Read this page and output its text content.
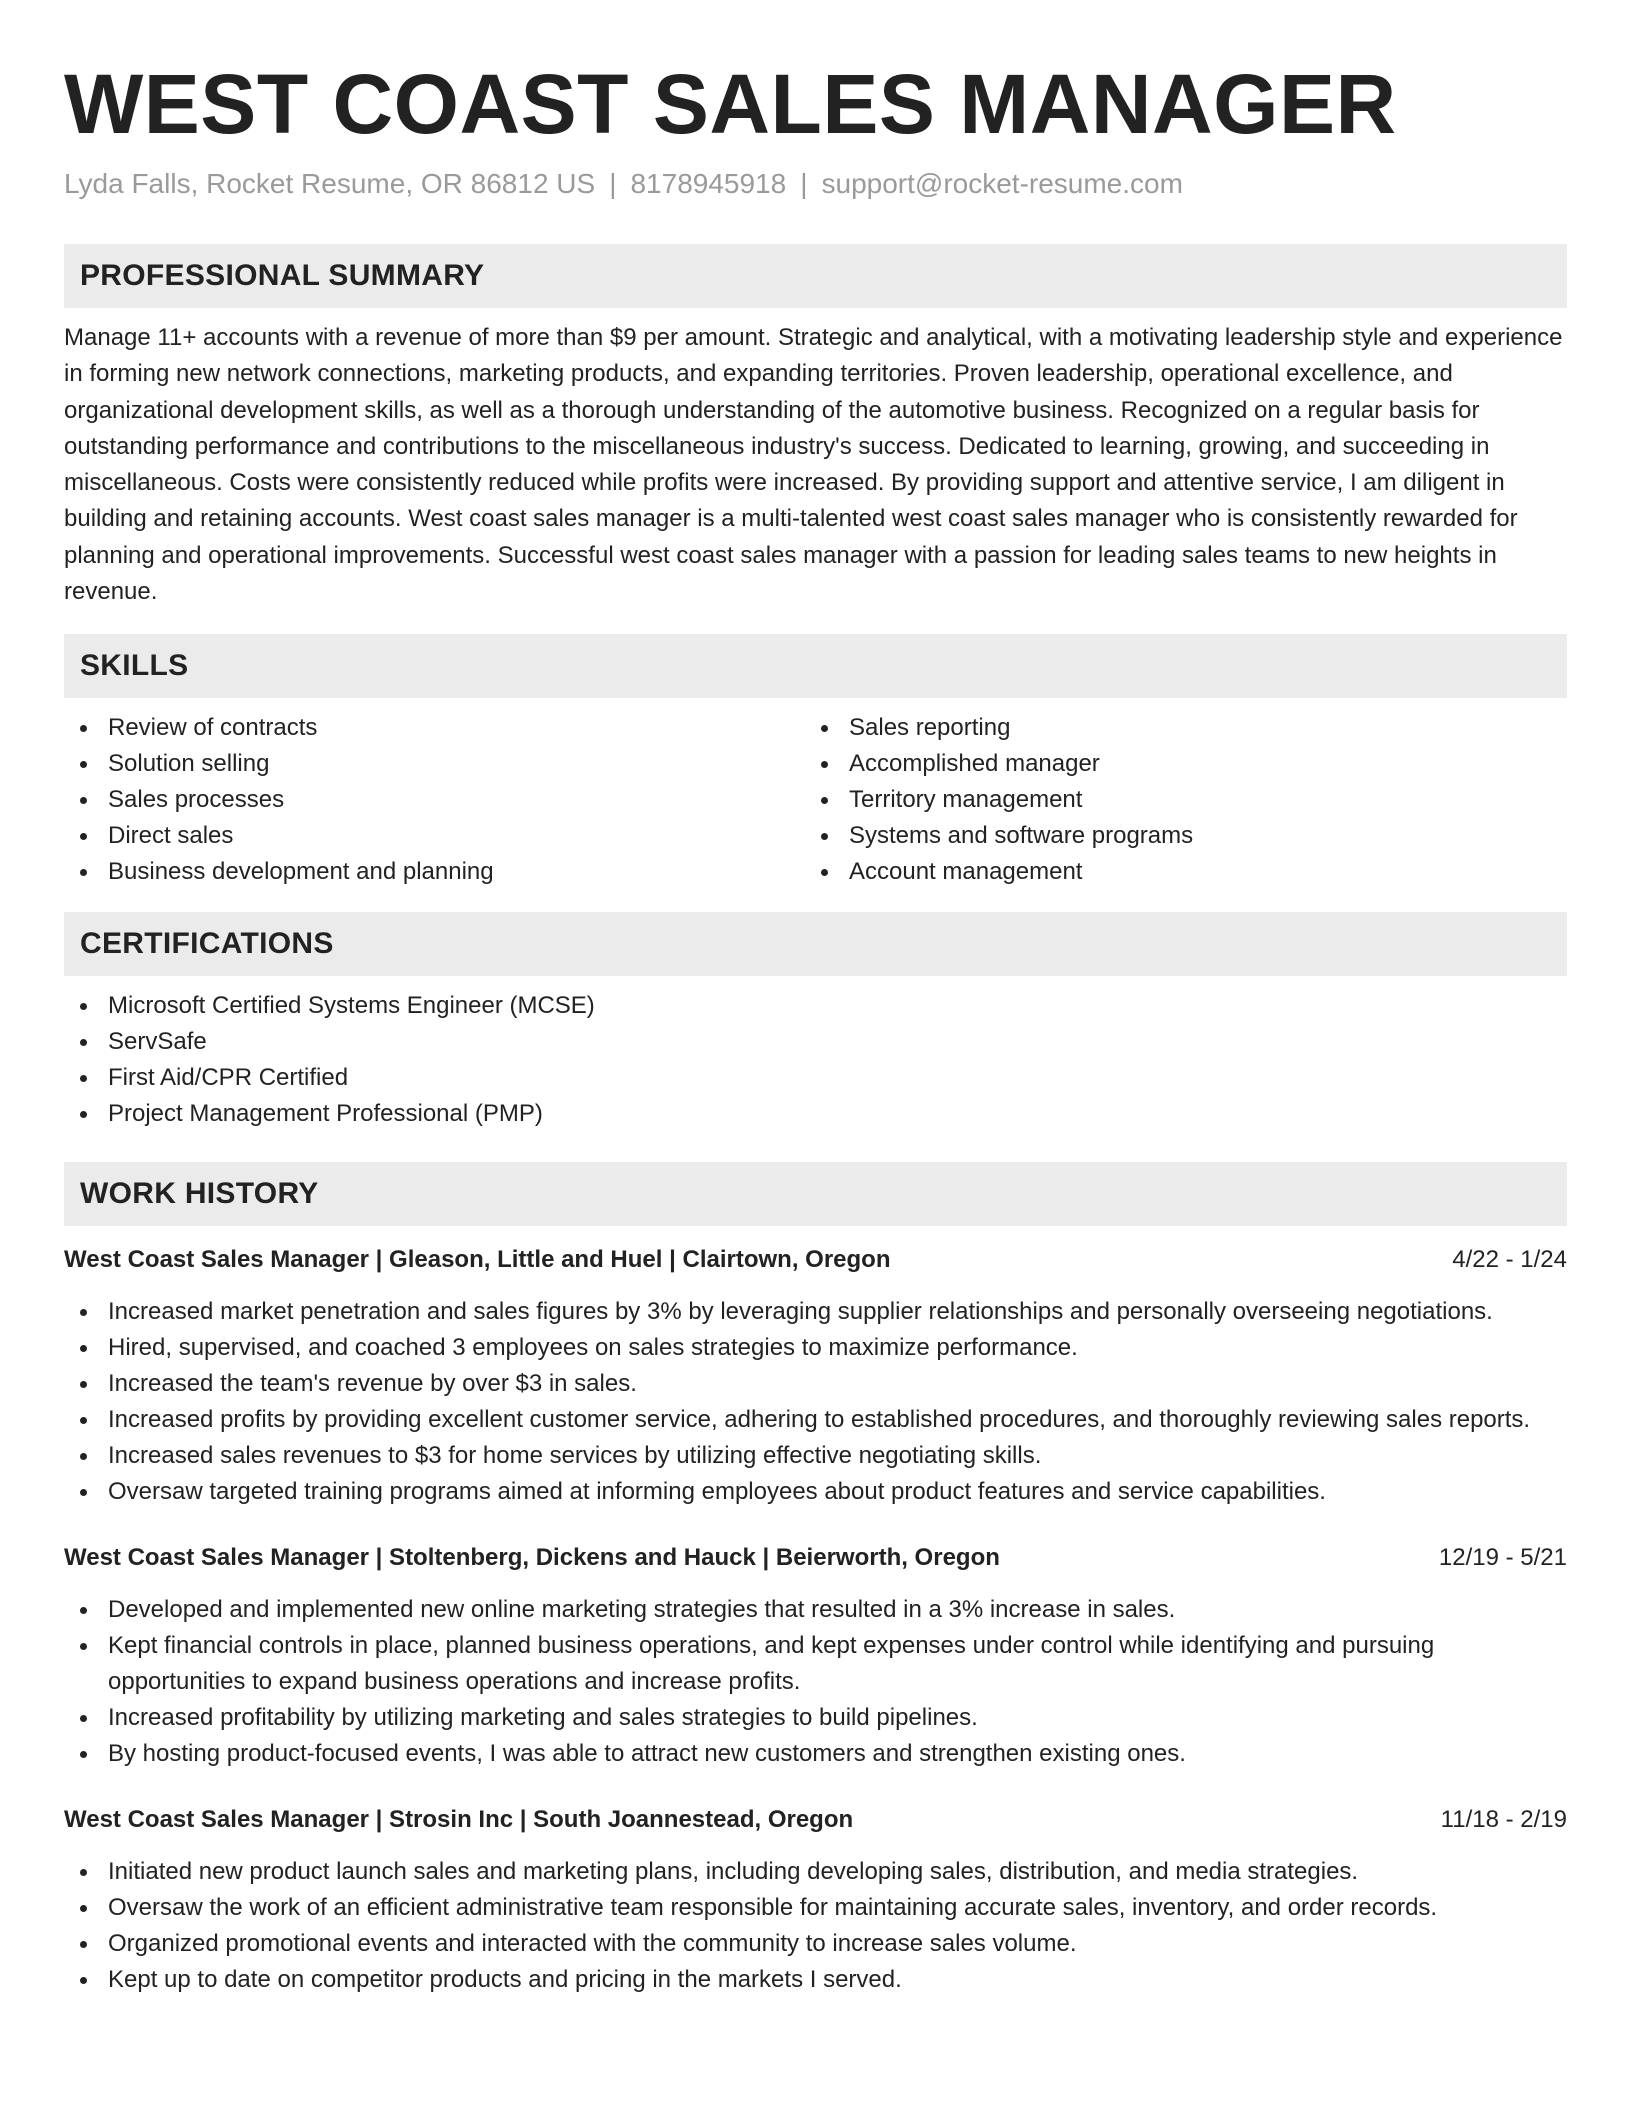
WEST COAST SALES MANAGER
Lyda Falls, Rocket Resume, OR 86812 US | 8178945918 | support@rocket-resume.com
PROFESSIONAL SUMMARY
Manage 11+ accounts with a revenue of more than $9 per amount. Strategic and analytical, with a motivating leadership style and experience in forming new network connections, marketing products, and expanding territories. Proven leadership, operational excellence, and organizational development skills, as well as a thorough understanding of the automotive business. Recognized on a regular basis for outstanding performance and contributions to the miscellaneous industry's success. Dedicated to learning, growing, and succeeding in miscellaneous. Costs were consistently reduced while profits were increased. By providing support and attentive service, I am diligent in building and retaining accounts. West coast sales manager is a multi-talented west coast sales manager who is consistently rewarded for planning and operational improvements. Successful west coast sales manager with a passion for leading sales teams to new heights in revenue.
SKILLS
Review of contracts
Solution selling
Sales processes
Direct sales
Business development and planning
Sales reporting
Accomplished manager
Territory management
Systems and software programs
Account management
CERTIFICATIONS
Microsoft Certified Systems Engineer (MCSE)
ServSafe
First Aid/CPR Certified
Project Management Professional (PMP)
WORK HISTORY
West Coast Sales Manager | Gleason, Little and Huel | Clairtown, Oregon	4/22 - 1/24
Increased market penetration and sales figures by 3% by leveraging supplier relationships and personally overseeing negotiations.
Hired, supervised, and coached 3 employees on sales strategies to maximize performance.
Increased the team's revenue by over $3 in sales.
Increased profits by providing excellent customer service, adhering to established procedures, and thoroughly reviewing sales reports.
Increased sales revenues to $3 for home services by utilizing effective negotiating skills.
Oversaw targeted training programs aimed at informing employees about product features and service capabilities.
West Coast Sales Manager | Stoltenberg, Dickens and Hauck | Beierworth, Oregon	12/19 - 5/21
Developed and implemented new online marketing strategies that resulted in a 3% increase in sales.
Kept financial controls in place, planned business operations, and kept expenses under control while identifying and pursuing opportunities to expand business operations and increase profits.
Increased profitability by utilizing marketing and sales strategies to build pipelines.
By hosting product-focused events, I was able to attract new customers and strengthen existing ones.
West Coast Sales Manager | Strosin Inc | South Joannestead, Oregon	11/18 - 2/19
Initiated new product launch sales and marketing plans, including developing sales, distribution, and media strategies.
Oversaw the work of an efficient administrative team responsible for maintaining accurate sales, inventory, and order records.
Organized promotional events and interacted with the community to increase sales volume.
Kept up to date on competitor products and pricing in the markets I served.
